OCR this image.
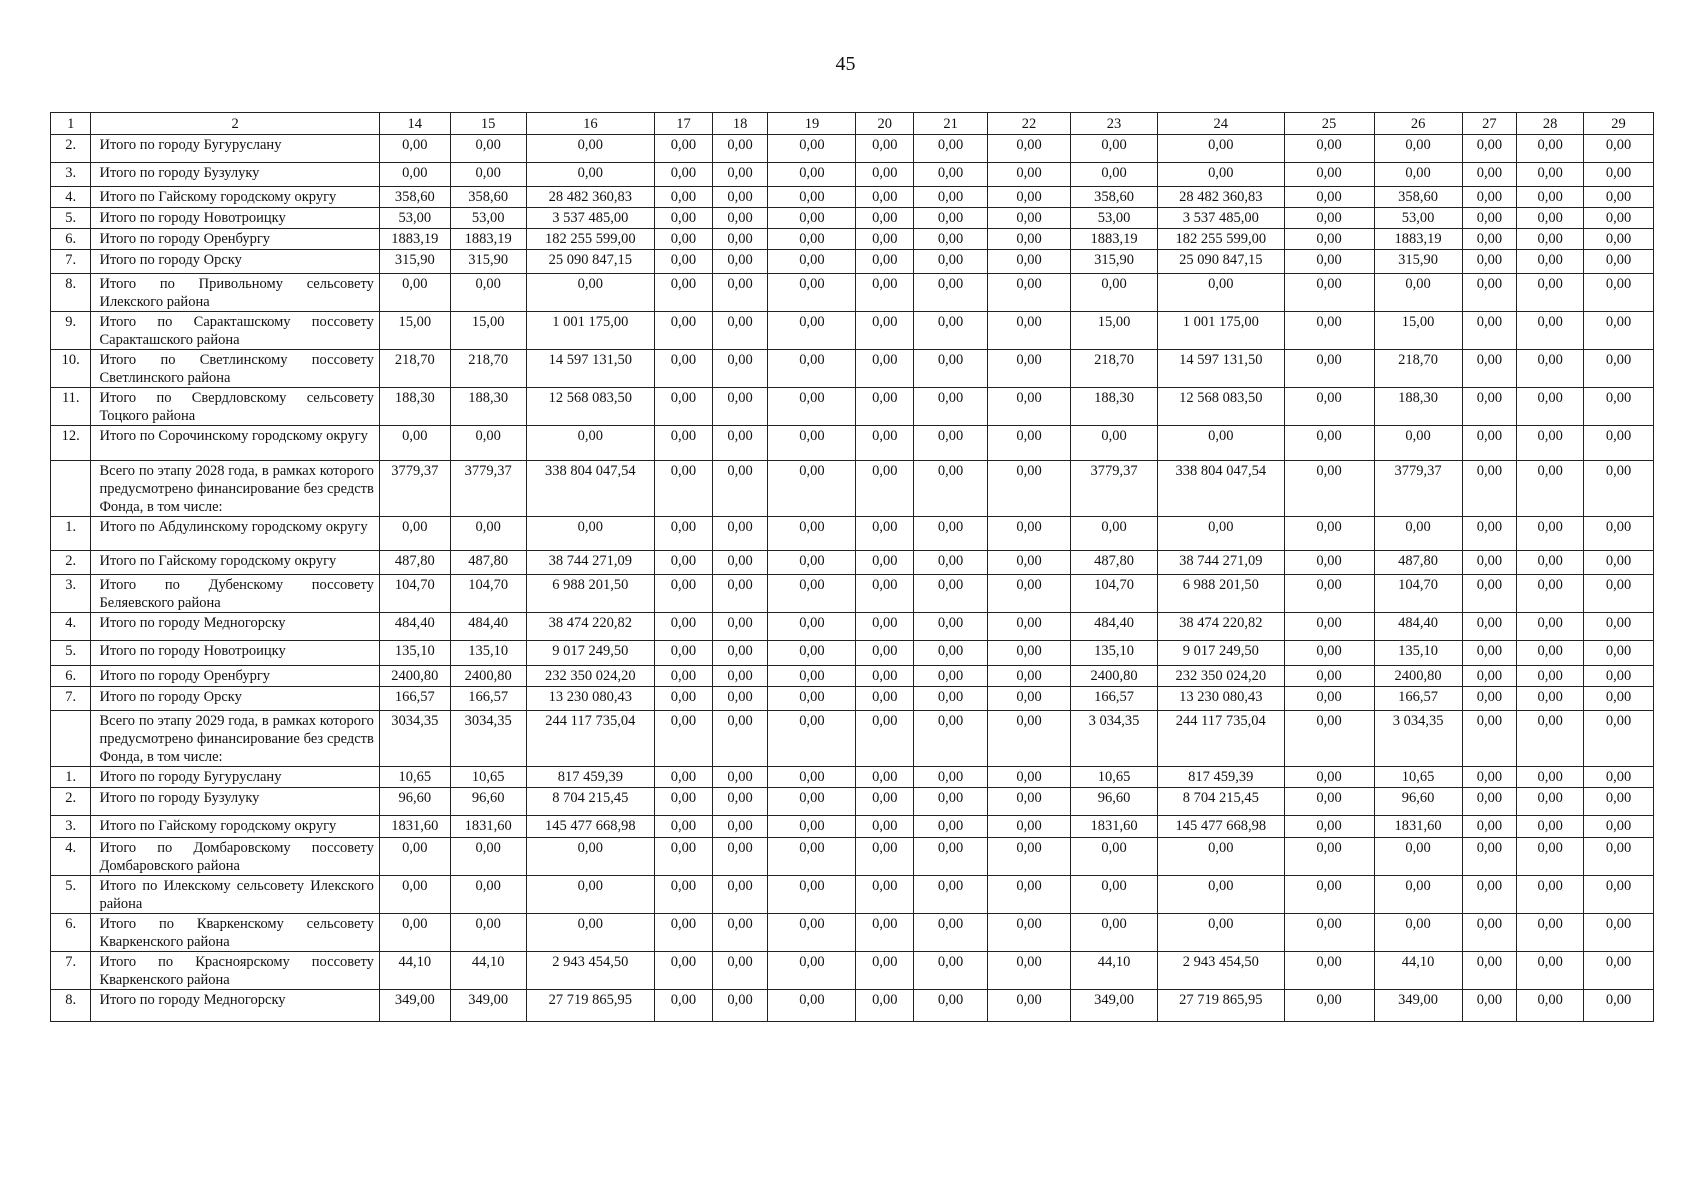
45
1	2	14	15	16	17	18	19	20	21	22	23	24	25	26	27	28	29
2.	Итого по городу Бугуруслану	0,00	0,00	0,00	0,00	0,00	0,00	0,00	0,00	0,00	0,00	0,00	0,00	0,00	0,00	0,00	0,00
3.	Итого по городу Бузулуку	0,00	0,00	0,00	0,00	0,00	0,00	0,00	0,00	0,00	0,00	0,00	0,00	0,00	0,00	0,00	0,00
4.	Итого по Гайскому городскому округу	358,60	358,60	28 482 360,83	0,00	0,00	0,00	0,00	0,00	0,00	358,60	28 482 360,83	0,00	358,60	0,00	0,00	0,00
5.	Итого по городу Новотроицку	53,00	53,00	3 537 485,00	0,00	0,00	0,00	0,00	0,00	0,00	53,00	3 537 485,00	0,00	53,00	0,00	0,00	0,00
6.	Итого по городу Оренбургу	1883,19	1883,19	182 255 599,00	0,00	0,00	0,00	0,00	0,00	0,00	1883,19	182 255 599,00	0,00	1883,19	0,00	0,00	0,00
7.	Итого по городу Орску	315,90	315,90	25 090 847,15	0,00	0,00	0,00	0,00	0,00	0,00	315,90	25 090 847,15	0,00	315,90	0,00	0,00	0,00
8.	Итого по Привольному сельсовету Илекского района	0,00	0,00	0,00	0,00	0,00	0,00	0,00	0,00	0,00	0,00	0,00	0,00	0,00	0,00	0,00	0,00
9.	Итого по Саракташскому поссовету Саракташского района	15,00	15,00	1 001 175,00	0,00	0,00	0,00	0,00	0,00	0,00	15,00	1 001 175,00	0,00	15,00	0,00	0,00	0,00
10.	Итого по Светлинскому поссовету Светлинского района	218,70	218,70	14 597 131,50	0,00	0,00	0,00	0,00	0,00	0,00	218,70	14 597 131,50	0,00	218,70	0,00	0,00	0,00
11.	Итого по Свердловскому сельсовету Тоцкого района	188,30	188,30	12 568 083,50	0,00	0,00	0,00	0,00	0,00	0,00	188,30	12 568 083,50	0,00	188,30	0,00	0,00	0,00
12.	Итого по Сорочинскому городскому округу	0,00	0,00	0,00	0,00	0,00	0,00	0,00	0,00	0,00	0,00	0,00	0,00	0,00	0,00	0,00	0,00
	Всего по этапу 2028 года, в рамках которого предусмотрено финансирование без средств Фонда, в том числе:	3779,37	3779,37	338 804 047,54	0,00	0,00	0,00	0,00	0,00	0,00	3779,37	338 804 047,54	0,00	3779,37	0,00	0,00	0,00
1.	Итого по Абдулинскому городскому округу	0,00	0,00	0,00	0,00	0,00	0,00	0,00	0,00	0,00	0,00	0,00	0,00	0,00	0,00	0,00	0,00
2.	Итого по Гайскому городскому округу	487,80	487,80	38 744 271,09	0,00	0,00	0,00	0,00	0,00	0,00	487,80	38 744 271,09	0,00	487,80	0,00	0,00	0,00
3.	Итого по Дубенскому поссовету Беляевского района	104,70	104,70	6 988 201,50	0,00	0,00	0,00	0,00	0,00	0,00	104,70	6 988 201,50	0,00	104,70	0,00	0,00	0,00
4.	Итого по городу Медногорску	484,40	484,40	38 474 220,82	0,00	0,00	0,00	0,00	0,00	0,00	484,40	38 474 220,82	0,00	484,40	0,00	0,00	0,00
5.	Итого по городу Новотроицку	135,10	135,10	9 017 249,50	0,00	0,00	0,00	0,00	0,00	0,00	135,10	9 017 249,50	0,00	135,10	0,00	0,00	0,00
6.	Итого по городу Оренбургу	2400,80	2400,80	232 350 024,20	0,00	0,00	0,00	0,00	0,00	0,00	2400,80	232 350 024,20	0,00	2400,80	0,00	0,00	0,00
7.	Итого по городу Орску	166,57	166,57	13 230 080,43	0,00	0,00	0,00	0,00	0,00	0,00	166,57	13 230 080,43	0,00	166,57	0,00	0,00	0,00
	Всего по этапу 2029 года, в рамках которого предусмотрено финансирование без средств Фонда, в том числе:	3034,35	3034,35	244 117 735,04	0,00	0,00	0,00	0,00	0,00	0,00	3 034,35	244 117 735,04	0,00	3 034,35	0,00	0,00	0,00
1.	Итого по городу Бугуруслану	10,65	10,65	817 459,39	0,00	0,00	0,00	0,00	0,00	0,00	10,65	817 459,39	0,00	10,65	0,00	0,00	0,00
2.	Итого по городу Бузулуку	96,60	96,60	8 704 215,45	0,00	0,00	0,00	0,00	0,00	0,00	96,60	8 704 215,45	0,00	96,60	0,00	0,00	0,00
3.	Итого по Гайскому городскому округу	1831,60	1831,60	145 477 668,98	0,00	0,00	0,00	0,00	0,00	0,00	1831,60	145 477 668,98	0,00	1831,60	0,00	0,00	0,00
4.	Итого по Домбаровскому поссовету Домбаровского района	0,00	0,00	0,00	0,00	0,00	0,00	0,00	0,00	0,00	0,00	0,00	0,00	0,00	0,00	0,00	0,00
5.	Итого по Илекскому сельсовету Илекского района	0,00	0,00	0,00	0,00	0,00	0,00	0,00	0,00	0,00	0,00	0,00	0,00	0,00	0,00	0,00	0,00
6.	Итого по Кваркенскому сельсовету Кваркенского района	0,00	0,00	0,00	0,00	0,00	0,00	0,00	0,00	0,00	0,00	0,00	0,00	0,00	0,00	0,00	0,00
7.	Итого по Красноярскому поссовету Кваркенского района	44,10	44,10	2 943 454,50	0,00	0,00	0,00	0,00	0,00	0,00	44,10	2 943 454,50	0,00	44,10	0,00	0,00	0,00
8.	Итого по городу Медногорску	349,00	349,00	27 719 865,95	0,00	0,00	0,00	0,00	0,00	0,00	349,00	27 719 865,95	0,00	349,00	0,00	0,00	0,00
